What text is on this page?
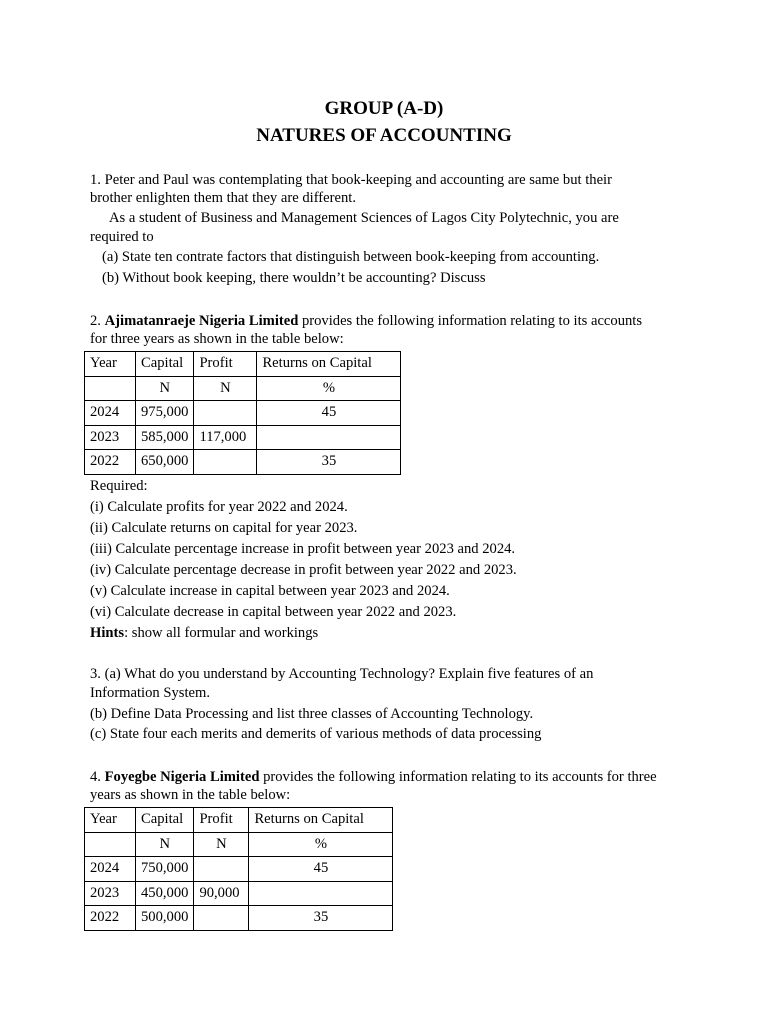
GROUP (A-D)
NATURES OF ACCOUNTING
1. Peter and Paul was contemplating that book-keeping and accounting are same but their
brother enlighten them that they are different.
As a student of Business and Management Sciences of Lagos City Polytechnic, you are
required to
(a) State ten contrate factors that distinguish between book-keeping from accounting.
(b) Without book keeping, there wouldn’t be accounting? Discuss
2. Ajimatanraeje Nigeria Limited provides the following information relating to its accounts
for three years as shown in the table below:
Year	Capital	Profit	Returns on Capital
	N	N	%
2024	975,000		45
2023	585,000	117,000	
2022	650,000		35
Required:
(i) Calculate profits for year 2022 and 2024.
(ii) Calculate returns on capital for year 2023.
(iii) Calculate percentage increase in profit between year 2023 and 2024.
(iv) Calculate percentage decrease in profit between year 2022 and 2023.
(v) Calculate increase in capital between year 2023 and 2024.
(vi) Calculate decrease in capital between year 2022 and 2023.
Hints: show all formular and workings
3. (a) What do you understand by Accounting Technology? Explain five features of an
Information System.
(b) Define Data Processing and list three classes of Accounting Technology.
(c) State four each merits and demerits of various methods of data processing
4. Foyegbe Nigeria Limited provides the following information relating to its accounts for three
years as shown in the table below:
Year	Capital	Profit	Returns on Capital
	N	N	%
2024	750,000		45
2023	450,000	90,000	
2022	500,000		35
